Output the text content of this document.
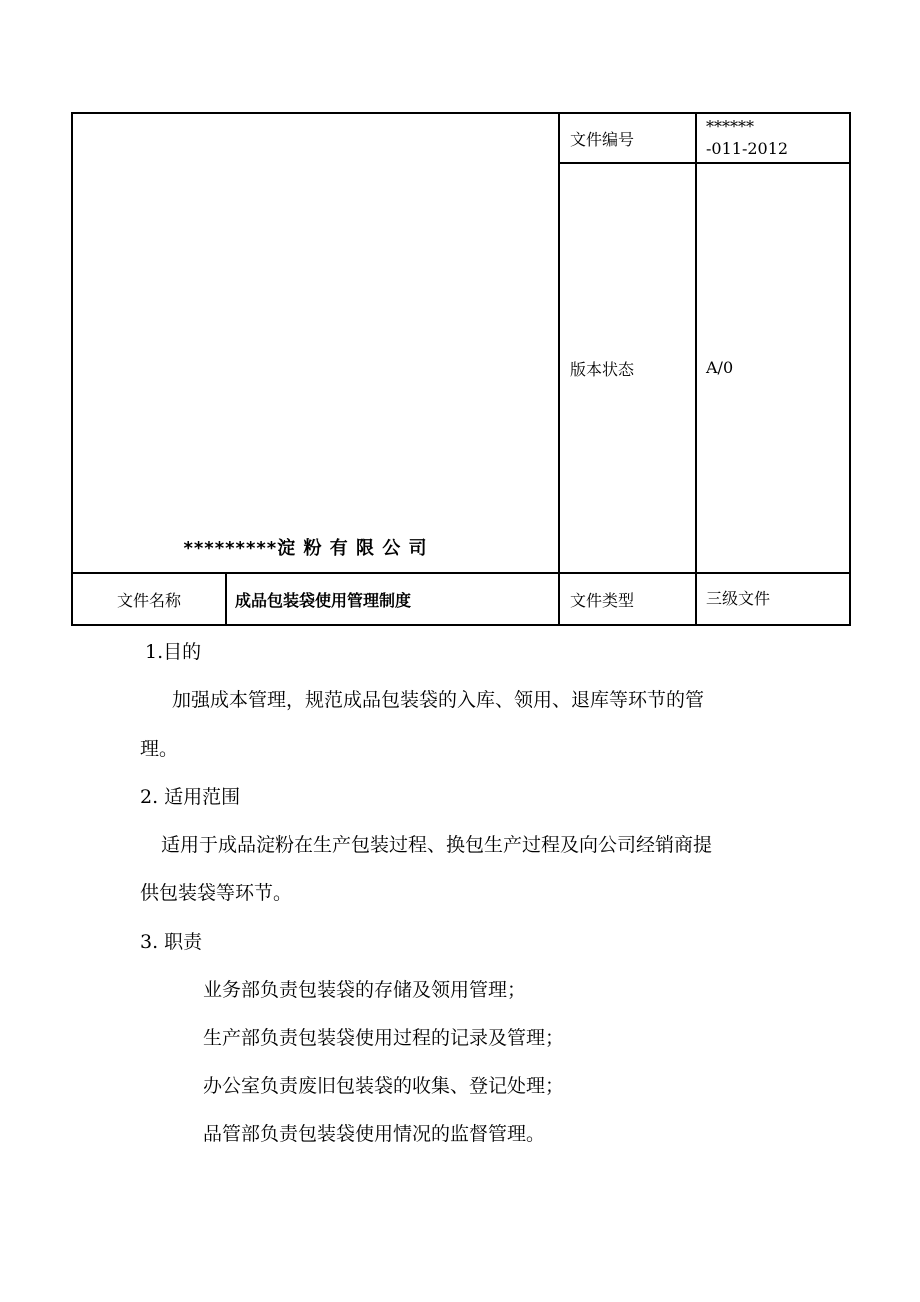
www.zixin.com.cn
*********淀 粉 有 限 公 司		文件编号	******
-011-2012

		版本状态	A/0
文件名称	成品包装袋使用管理制度	文件类型	三级文件
1.目的
加强成本管理，规范成品包装袋的入库、领用、退库等环节的管
理。
2. 适用范围
适用于成品淀粉在生产包装过程、换包生产过程及向公司经销商提
供包装袋等环节。
3. 职责
业务部负责包装袋的存储及领用管理；
生产部负责包装袋使用过程的记录及管理；
办公室负责废旧包装袋的收集、登记处理；
品管部负责包装袋使用情况的监督管理。
